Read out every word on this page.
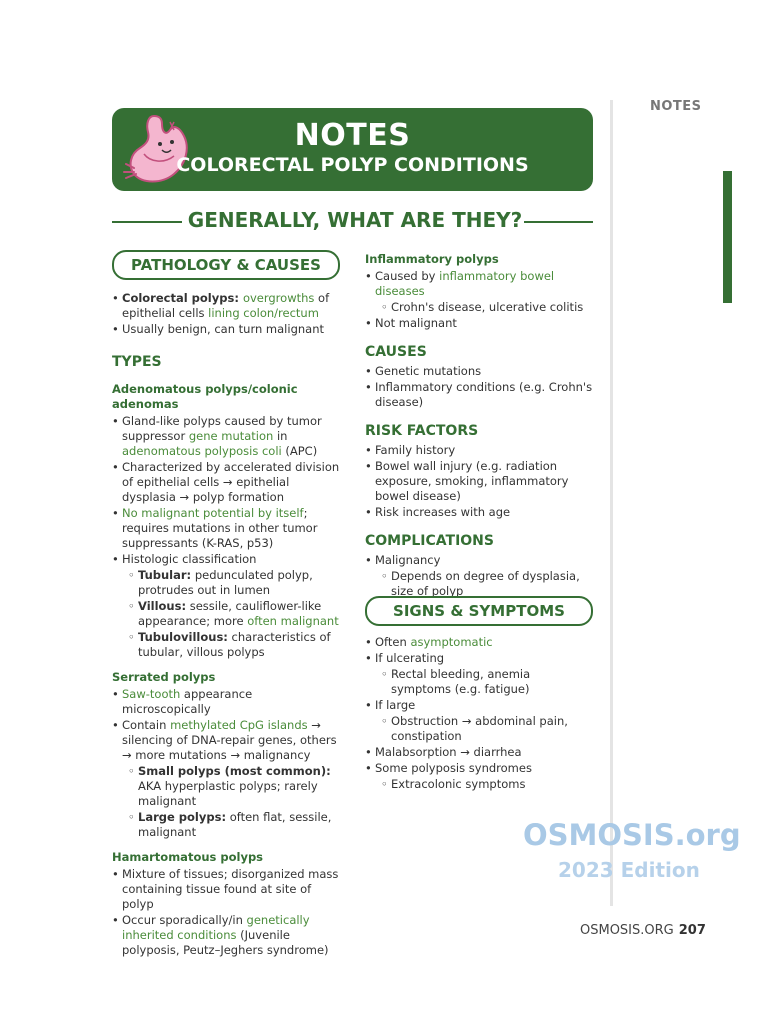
NOTES
NOTES
COLORECTAL POLYP CONDITIONS
GENERALLY, WHAT ARE THEY?
PATHOLOGY & CAUSES
• Colorectal polyps: overgrowths of epithelial cells lining colon/rectum
• Usually benign, can turn malignant
TYPES
Adenomatous polyps/colonic adenomas
• Gland-like polyps caused by tumor suppressor gene mutation in adenomatous polyposis coli (APC)
• Characterized by accelerated division of epithelial cells → epithelial dysplasia → polyp formation
• No malignant potential by itself; requires mutations in other tumor suppressants (K-RAS, p53)
• Histologic classification
◦ Tubular: pedunculated polyp, protrudes out in lumen
◦ Villous: sessile, cauliflower-like appearance; more often malignant
◦ Tubulovillous: characteristics of tubular, villous polyps
Serrated polyps
• Saw-tooth appearance microscopically
• Contain methylated CpG islands → silencing of DNA-repair genes, others → more mutations → malignancy
◦ Small polyps (most common): AKA hyperplastic polyps; rarely malignant
◦ Large polyps: often flat, sessile, malignant
Hamartomatous polyps
• Mixture of tissues; disorganized mass containing tissue found at site of polyp
• Occur sporadically/in genetically inherited conditions (Juvenile polyposis, Peutz–Jeghers syndrome)
Inflammatory polyps
• Caused by inflammatory bowel diseases
◦ Crohn's disease, ulcerative colitis
• Not malignant
CAUSES
• Genetic mutations
• Inflammatory conditions (e.g. Crohn's disease)
RISK FACTORS
• Family history
• Bowel wall injury (e.g. radiation exposure, smoking, inflammatory bowel disease)
• Risk increases with age
COMPLICATIONS
• Malignancy
◦ Depends on degree of dysplasia, size of polyp
SIGNS & SYMPTOMS
• Often asymptomatic
• If ulcerating
◦ Rectal bleeding, anemia symptoms (e.g. fatigue)
• If large
◦ Obstruction → abdominal pain, constipation
• Malabsorption → diarrhea
• Some polyposis syndromes
◦ Extracolonic symptoms
OSMOSIS.org
2023 Edition
OSMOSIS.ORG 207
